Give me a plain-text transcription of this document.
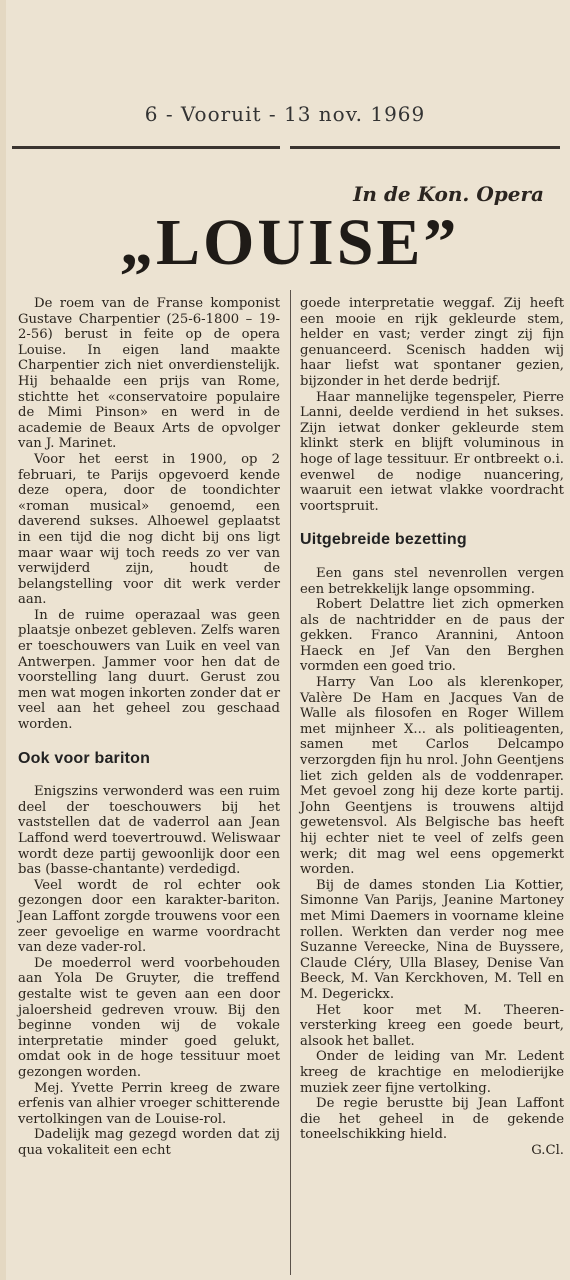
6 - Vooruit - 13 nov. 1969
In de Kon. Opera
„LOUISE”

De roem van de Franse komponist Gustave Charpentier (25-6-1800 – 19-2-56) berust in feite op de opera Louise. In eigen land maakte Charpentier zich niet onverdienstelijk. Hij behaalde een prijs van Rome, stichtte het «conservatoire populaire de Mimi Pinson» en werd in de academie de Beaux Arts de opvolger van J. Marinet.

Voor het eerst in 1900, op 2 februari, te Parijs opgevoerd kende deze opera, door de toondichter «roman musical» genoemd, een daverend sukses. Alhoewel geplaatst in een tijd die nog dicht bij ons ligt maar waar wij toch reeds zo ver van verwijderd zijn, houdt de belangstelling voor dit werk verder aan.

In de ruime operazaal was geen plaatsje onbezet gebleven. Zelfs waren er toeschouwers van Luik en veel van Antwerpen. Jammer voor hen dat de voorstelling lang duurt. Gerust zou men wat mogen inkorten zonder dat er veel aan het geheel zou geschaad worden.

Ook voor bariton

Enigszins verwonderd was een ruim deel der toeschouwers bij het vaststellen dat de vaderrol aan Jean Laffond werd toevertrouwd. Weliswaar wordt deze partij gewoonlijk door een bas (basse-chantante) verdedigd.

Veel wordt de rol echter ook gezongen door een karakter-bariton. Jean Laffont zorgde trouwens voor een zeer gevoelige en warme voordracht van deze vader-rol.

De moederrol werd voorbehouden aan Yola De Gruyter, die treffend gestalte wist te geven aan een door jaloersheid gedreven vrouw. Bij den beginne vonden wij de vokale interpretatie minder goed gelukt, omdat ook in de hoge tessituur moet gezongen worden.

Mej. Yvette Perrin kreeg de zware erfenis van alhier vroeger schitterende vertolkingen van de Louise-rol.

Dadelijk mag gezegd worden dat zij qua vokaliteit een echt

goede interpretatie weggaf. Zij heeft een mooie en rijk gekleurde stem, helder en vast; verder zingt zij fijn genuanceerd. Scenisch hadden wij haar liefst wat spontaner gezien, bijzonder in het derde bedrijf.

Haar mannelijke tegenspeler, Pierre Lanni, deelde verdiend in het sukses. Zijn ietwat donker gekleurde stem klinkt sterk en blijft voluminous in hoge of lage tessituur. Er ontbreekt o.i. evenwel de nodige nuancering, waaruit een ietwat vlakke voordracht voortspruit.

Uitgebreide bezetting

Een gans stel nevenrollen vergen een betrekkelijk lange opsomming.

Robert Delattre liet zich opmerken als de nachtridder en de paus der gekken. Franco Arannini, Antoon Haeck en Jef Van den Berghen vormden een goed trio.

Harry Van Loo als klerenkoper, Valère De Ham en Jacques Van de Walle als filosofen en Roger Willem met mijnheer X... als politieagenten, samen met Carlos Delcampo verzorgden fijn hu nrol. John Geentjens liet zich gelden als de voddenraper. Met gevoel zong hij deze korte partij. John Geentjens is trouwens altijd gewetensvol. Als Belgische bas heeft hij echter niet te veel of zelfs geen werk; dit mag wel eens opgemerkt worden.

Bij de dames stonden Lia Kottier, Simonne Van Parijs, Jeanine Martoney met Mimi Daemers in voorname kleine rollen. Werkten dan verder nog mee Suzanne Vereecke, Nina de Buyssere, Claude Cléry, Ulla Blasey, Denise Van Beeck, M. Van Kerckhoven, M. Tell en M. Degerickx.

Het koor met M. Theeren-versterking kreeg een goede beurt, alsook het ballet.

Onder de leiding van Mr. Ledent kreeg de krachtige en melodierijke muziek zeer fijne vertolking.

De regie berustte bij Jean Laffont die het geheel in de gekende toneelschikking hield.

G.Cl.
